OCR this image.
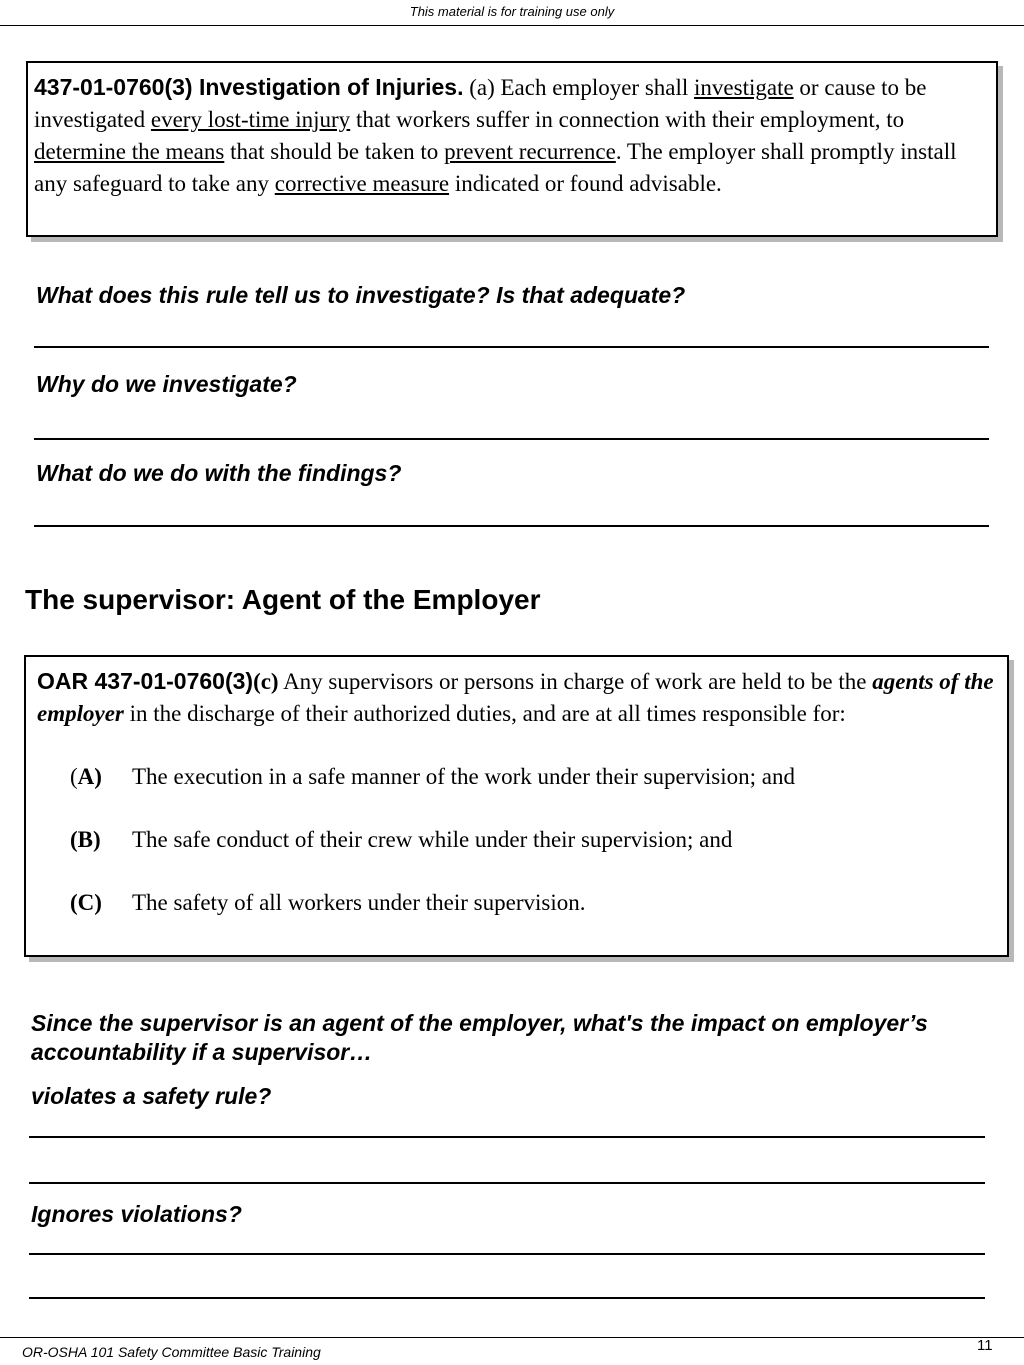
This material is for training use only
437-01-0760(3) Investigation of Injuries. (a) Each employer shall investigate or cause to be investigated every lost-time injury that workers suffer in connection with their employment, to determine the means that should be taken to prevent recurrence. The employer shall promptly install any safeguard to take any corrective measure indicated or found advisable.
What does this rule tell us to investigate? Is that adequate?
Why do we investigate?
What do we do with the findings?
The supervisor: Agent of the Employer
OAR 437-01-0760(3)(c) Any supervisors or persons in charge of work are held to be the agents of the employer in the discharge of their authorized duties, and are at all times responsible for:
(A)	The execution in a safe manner of the work under their supervision; and
(B)	The safe conduct of their crew while under their supervision; and
(C)	The safety of all workers under their supervision.
Since the supervisor is an agent of the employer, what's the impact on employer’s accountability if a supervisor…
violates a safety rule?
Ignores violations?
OR-OSHA 101 Safety Committee Basic Training	11
